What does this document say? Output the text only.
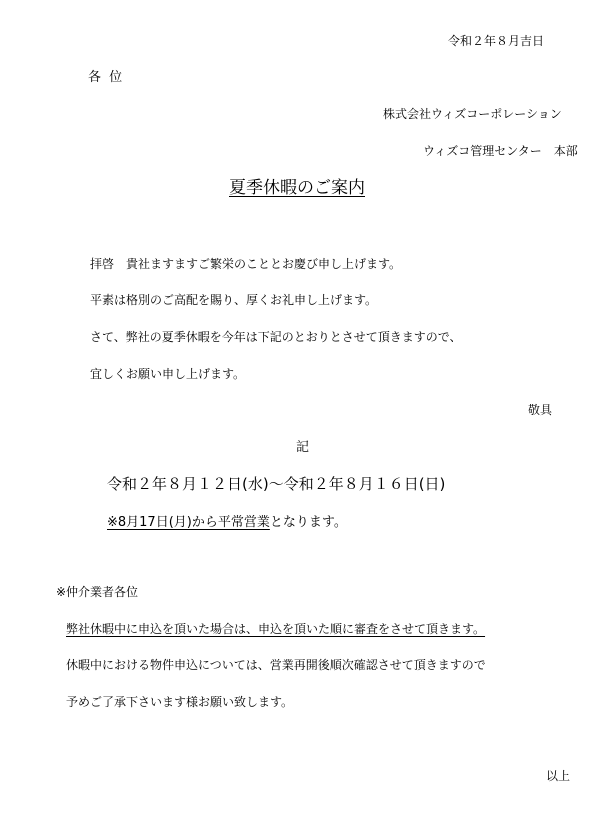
令和２年８月吉日
各 位
株式会社ウィズコーポレーション
ウィズコ管理センター　本部
夏季休暇のご案内
拝啓　貴社ますますご繁栄のこととお慶び申し上げます。
平素は格別のご高配を賜り、厚くお礼申し上げます。
さて、弊社の夏季休暇を今年は下記のとおりとさせて頂きますので、
宜しくお願い申し上げます。
敬具
記
令和２年８月１２日(水)～令和２年８月１６日(日)
※8月17日(月)から平常営業となります。
※仲介業者各位
弊社休暇中に申込を頂いた場合は、申込を頂いた順に審査をさせて頂きます。
休暇中における物件申込については、営業再開後順次確認させて頂きますので
予めご了承下さいます様お願い致します。
以上
